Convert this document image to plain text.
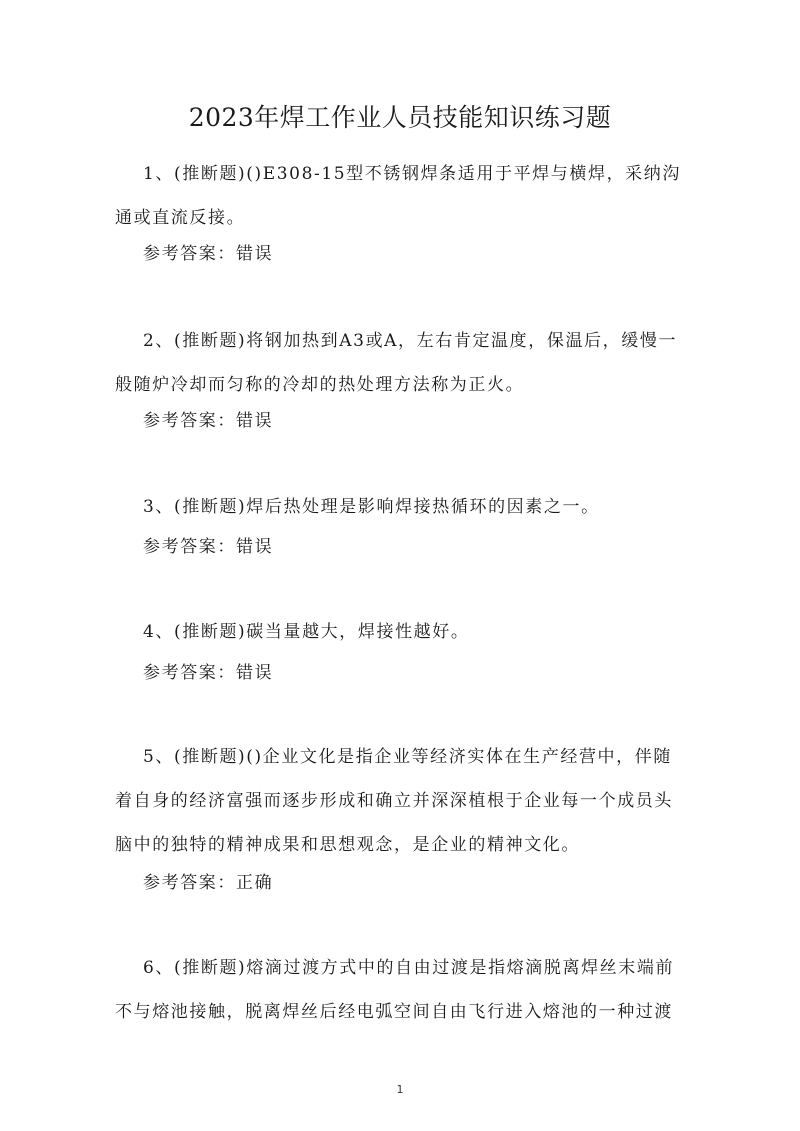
2023年焊工作业人员技能知识练习题

1、(推断题)()E308-15型不锈钢焊条适用于平焊与横焊，采纳沟通或直流反接。

参考答案：错误

2、(推断题)将钢加热到A3或A，左右肯定温度，保温后，缓慢一般随炉冷却而匀称的冷却的热处理方法称为正火。

参考答案：错误

3、(推断题)焊后热处理是影响焊接热循环的因素之一。

参考答案：错误

4、(推断题)碳当量越大，焊接性越好。

参考答案：错误

5、(推断题)()企业文化是指企业等经济实体在生产经营中，伴随着自身的经济富强而逐步形成和确立并深深植根于企业每一个成员头脑中的独特的精神成果和思想观念，是企业的精神文化。

参考答案：正确

6、(推断题)熔滴过渡方式中的自由过渡是指熔滴脱离焊丝末端前不与熔池接触，脱离焊丝后经电弧空间自由飞行进入熔池的一种过渡

1
